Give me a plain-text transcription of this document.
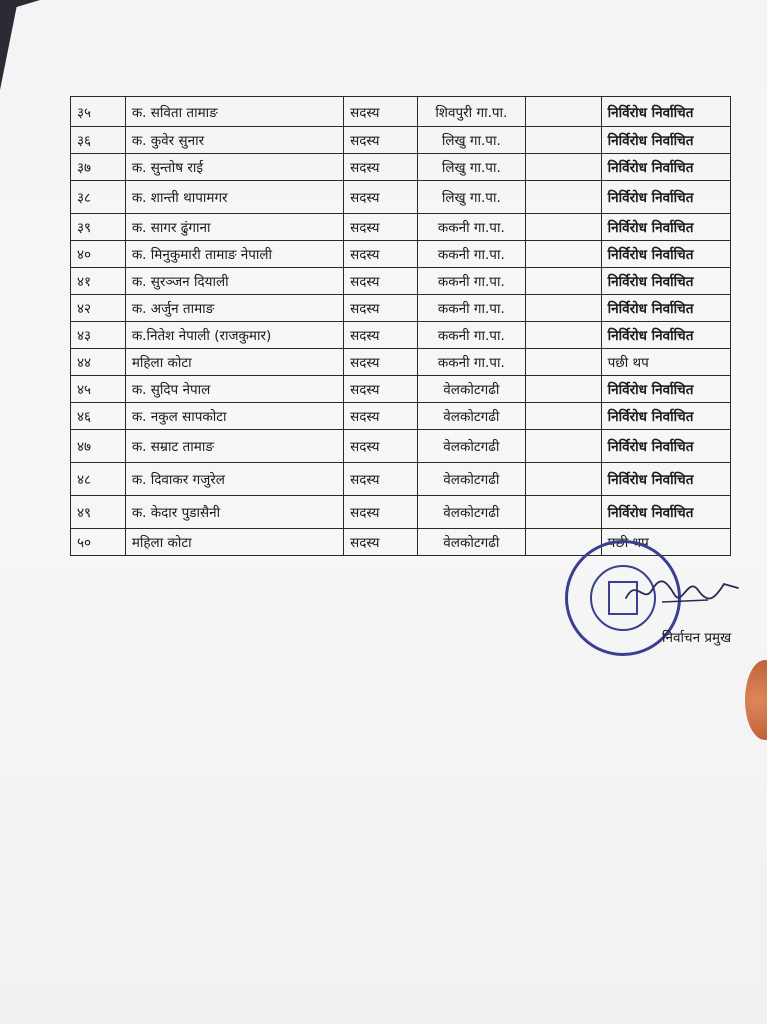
३५	क. सविता तामाङ	सदस्य	शिवपुरी गा.पा.		निर्विरोध निर्वाचित
३६	क. कुवेर सुनार	सदस्य	लिखु गा.पा.		निर्विरोध निर्वाचित
३७	क. सुन्तोष राई	सदस्य	लिखु गा.पा.		निर्विरोध निर्वाचित
३८	क. शान्ती थापामगर	सदस्य	लिखु गा.पा.		निर्विरोध निर्वाचित
३९	क. सागर ढुंगाना	सदस्य	ककनी गा.पा.		निर्विरोध निर्वाचित
४०	क. मिनुकुमारी तामाङ नेपाली	सदस्य	ककनी गा.पा.		निर्विरोध निर्वाचित
४१	क. सुरञ्जन दियाली	सदस्य	ककनी गा.पा.		निर्विरोध निर्वाचित
४२	क. अर्जुन तामाङ	सदस्य	ककनी गा.पा.		निर्विरोध निर्वाचित
४३	क.नितेश नेपाली (राजकुमार)	सदस्य	ककनी गा.पा.		निर्विरोध निर्वाचित
४४	महिला कोटा	सदस्य	ककनी गा.पा.		पछी थप
४५	क. सुदिप नेपाल	सदस्य	वेलकोटगढी		निर्विरोध निर्वाचित
४६	क. नकुल सापकोटा	सदस्य	वेलकोटगढी		निर्विरोध निर्वाचित
४७	क. सम्राट तामाङ	सदस्य	वेलकोटगढी		निर्विरोध निर्वाचित
४८	क. दिवाकर गजुरेल	सदस्य	वेलकोटगढी		निर्विरोध निर्वाचित
४९	क. केदार पुडासैनी	सदस्य	वेलकोटगढी		निर्विरोध निर्वाचित
५०	महिला कोटा	सदस्य	वेलकोटगढी		पछी थप
निर्वाचन प्रमुख
